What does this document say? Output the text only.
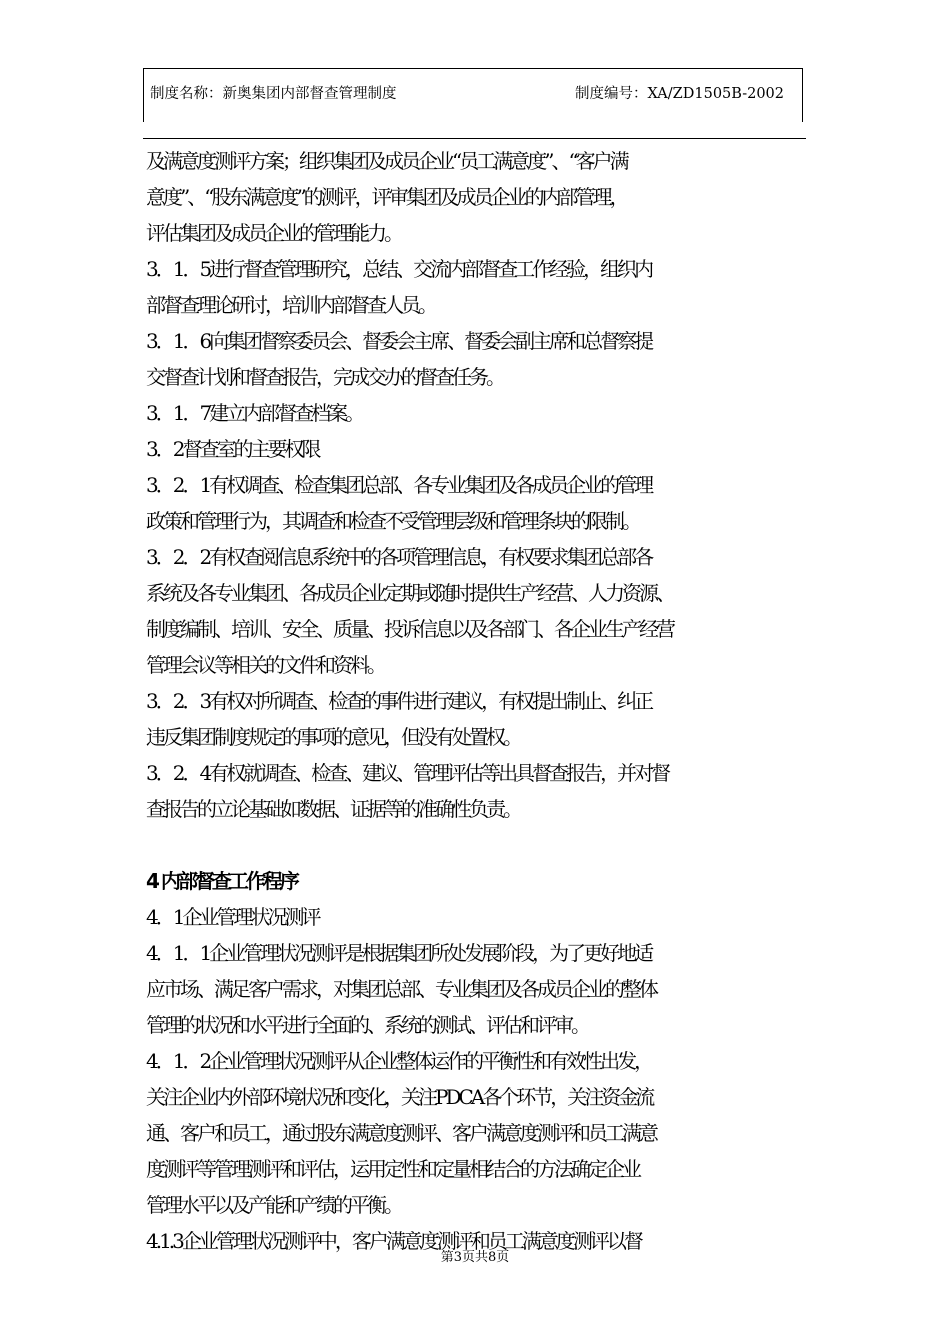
制度名称：新奥集团内部督查管理制度	制度编号：XA/ZD1505B-2002
及满意度测评方案；组织集团及成员企业“员工满意度”、“客户满
意度”、“股东满意度”的测评，评审集团及成员企业的内部管理，
评估集团及成员企业的管理能力。
3．1．5进行督查管理研究，总结、交流内部督查工作经验，组织内
部督查理论研讨，培训内部督查人员。
3．1．6向集团督察委员会、督委会主席、督委会副主席和总督察提
交督查计划和督查报告，完成交办的督查任务。
3．1．7建立内部督查档案。
3．2督查室的主要权限
3．2．1有权调查、检查集团总部、各专业集团及各成员企业的管理
政策和管理行为，其调查和检查不受管理层级和管理条块的限制。
3．2．2有权查阅信息系统中的各项管理信息，有权要求集团总部各
系统及各专业集团、各成员企业定期或随时提供生产经营、人力资源、
制度编制、培训、安全、质量、投诉信息以及各部门、各企业生产经营
管理会议等相关的文件和资料。
3．2．3有权对所调查、检查的事件进行建议，有权提出制止、纠正
违反集团制度规定的事项的意见，但没有处置权。
3．2．4有权就调查、检查、建议、管理评估等出具督查报告，并对督
查报告的立论基础如数据、证据等的准确性负责。
4 内部督查工作程序
4．1企业管理状况测评
4．1．1企业管理状况测评是根据集团所处发展阶段，为了更好地适
应市场、满足客户需求，对集团总部、专业集团及各成员企业的整体
管理的状况和水平进行全面的、系统的测试、评估和评审。
4．1．2企业管理状况测评从企业整体运作的平衡性和有效性出发，
关注企业内外部环境状况和变化，关注PDCA各个环节，关注资金流
通、客户和员工，通过股东满意度测评、客户满意度测评和员工满意
度测评等管理测评和评估，运用定性和定量相结合的方法确定企业
管理水平以及产能和产绩的平衡。
4.1.3企业管理状况测评中，客户满意度测评和员工满意度测评以督
第3页共8页
